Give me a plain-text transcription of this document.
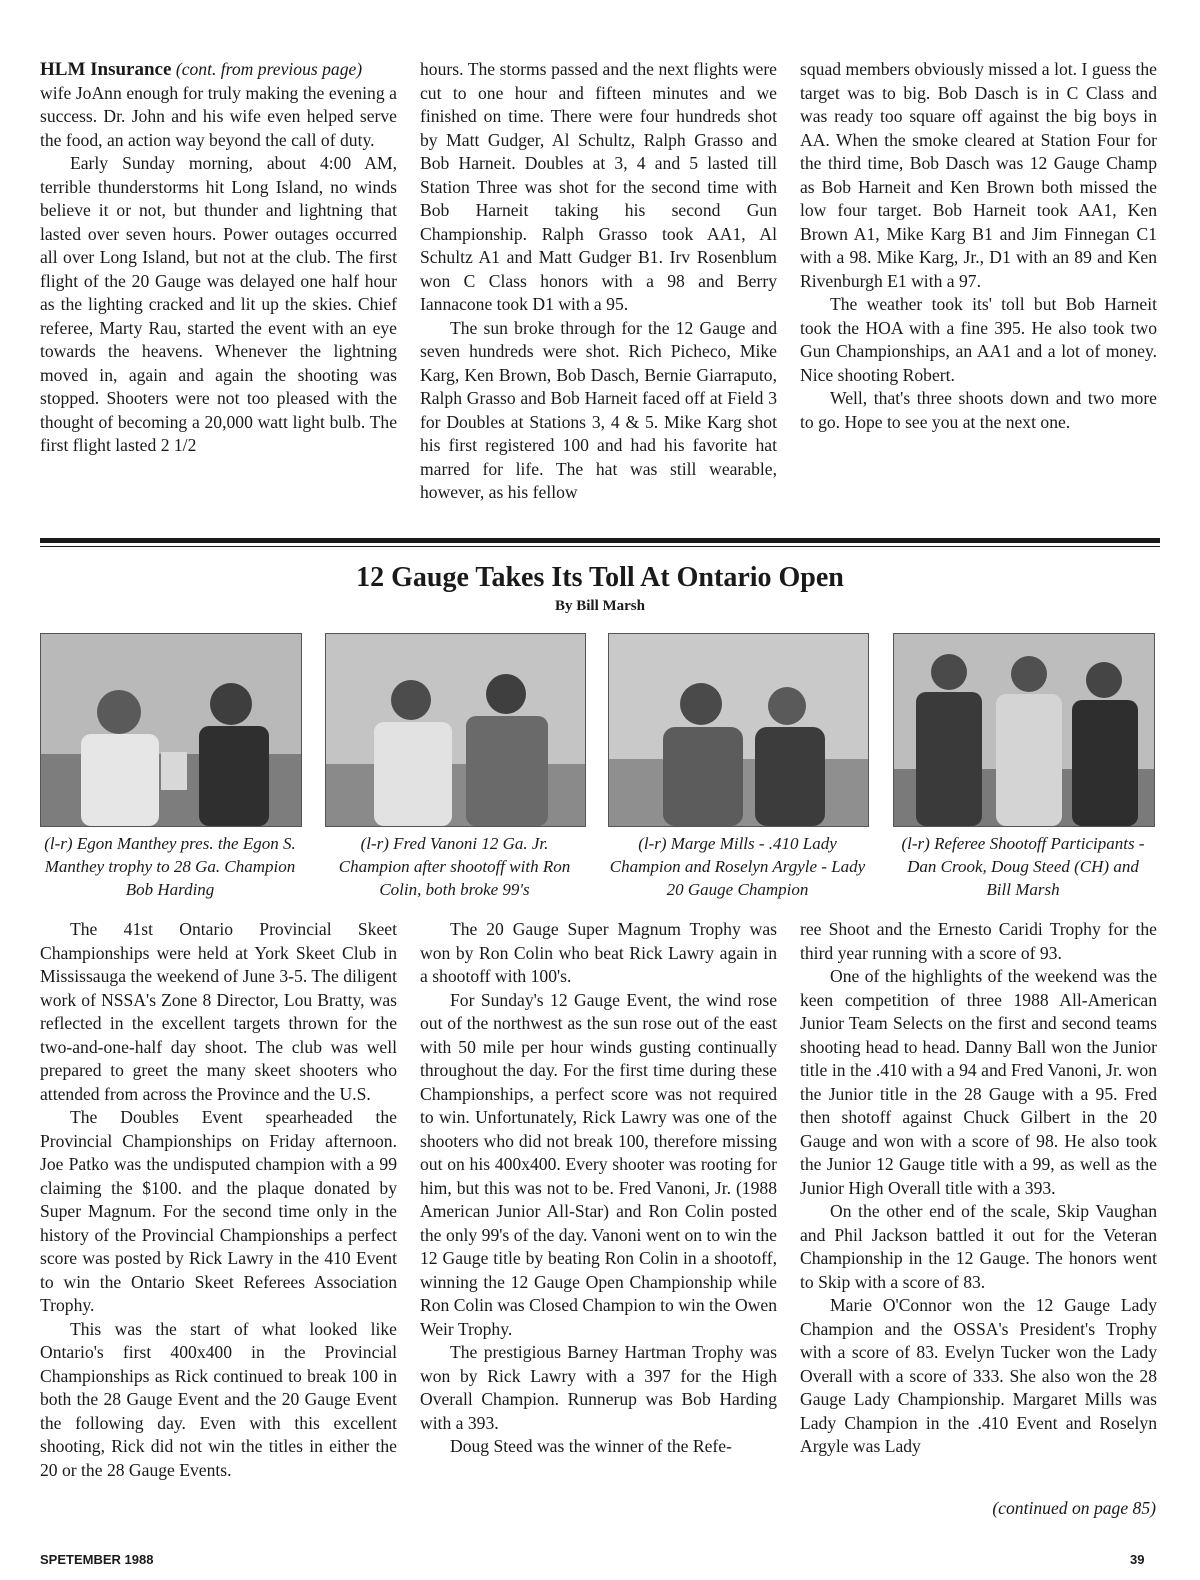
HLM Insurance (cont. from previous page)

wife JoAnn enough for truly making the evening a success. Dr. John and his wife even helped serve the food, an action way beyond the call of duty.

Early Sunday morning, about 4:00 AM, terrible thunderstorms hit Long Island, no winds believe it or not, but thunder and lightning that lasted over seven hours. Power outages occurred all over Long Island, but not at the club. The first flight of the 20 Gauge was delayed one half hour as the lighting cracked and lit up the skies. Chief referee, Marty Rau, started the event with an eye towards the heavens. Whenever the lightning moved in, again and again the shooting was stopped. Shooters were not too pleased with the thought of becoming a 20,000 watt light bulb. The first flight lasted 2 1/2

hours. The storms passed and the next flights were cut to one hour and fifteen minutes and we finished on time. There were four hundreds shot by Matt Gudger, Al Schultz, Ralph Grasso and Bob Harneit. Doubles at 3, 4 and 5 lasted till Station Three was shot for the second time with Bob Harneit taking his second Gun Championship. Ralph Grasso took AA1, Al Schultz A1 and Matt Gudger B1. Irv Rosenblum won C Class honors with a 98 and Berry Iannacone took D1 with a 95.

The sun broke through for the 12 Gauge and seven hundreds were shot. Rich Picheco, Mike Karg, Ken Brown, Bob Dasch, Bernie Giarraputo, Ralph Grasso and Bob Harneit faced off at Field 3 for Doubles at Stations 3, 4 & 5. Mike Karg shot his first registered 100 and had his favorite hat marred for life. The hat was still wearable, however, as his fellow

squad members obviously missed a lot. I guess the target was to big. Bob Dasch is in C Class and was ready too square off against the big boys in AA. When the smoke cleared at Station Four for the third time, Bob Dasch was 12 Gauge Champ as Bob Harneit and Ken Brown both missed the low four target. Bob Harneit took AA1, Ken Brown A1, Mike Karg B1 and Jim Finnegan C1 with a 98. Mike Karg, Jr., D1 with an 89 and Ken Rivenburgh E1 with a 97.

The weather took its' toll but Bob Harneit took the HOA with a fine 395. He also took two Gun Championships, an AA1 and a lot of money. Nice shooting Robert.

Well, that's three shoots down and two more to go. Hope to see you at the next one.

12 Gauge Takes Its Toll At Ontario Open
By Bill Marsh
(l-r) Egon Manthey pres. the Egon S. Manthey trophy to 28 Ga. Champion Bob Harding
(l-r) Fred Vanoni 12 Ga. Jr. Champion after shootoff with Ron Colin, both broke 99's
(l-r) Marge Mills - .410 Lady Champion and Roselyn Argyle - Lady 20 Gauge Champion
(l-r) Referee Shootoff Participants - Dan Crook, Doug Steed (CH) and Bill Marsh

The 41st Ontario Provincial Skeet Championships were held at York Skeet Club in Mississauga the weekend of June 3-5. The diligent work of NSSA's Zone 8 Director, Lou Bratty, was reflected in the excellent targets thrown for the two-and-one-half day shoot. The club was well prepared to greet the many skeet shooters who attended from across the Province and the U.S.

The Doubles Event spearheaded the Provincial Championships on Friday afternoon. Joe Patko was the undisputed champion with a 99 claiming the $100. and the plaque donated by Super Magnum. For the second time only in the history of the Provincial Championships a perfect score was posted by Rick Lawry in the 410 Event to win the Ontario Skeet Referees Association Trophy.

This was the start of what looked like Ontario's first 400x400 in the Provincial Championships as Rick continued to break 100 in both the 28 Gauge Event and the 20 Gauge Event the following day. Even with this excellent shooting, Rick did not win the titles in either the 20 or the 28 Gauge Events.

The 20 Gauge Super Magnum Trophy was won by Ron Colin who beat Rick Lawry again in a shootoff with 100's.

For Sunday's 12 Gauge Event, the wind rose out of the northwest as the sun rose out of the east with 50 mile per hour winds gusting continually throughout the day. For the first time during these Championships, a perfect score was not required to win. Unfortunately, Rick Lawry was one of the shooters who did not break 100, therefore missing out on his 400x400. Every shooter was rooting for him, but this was not to be. Fred Vanoni, Jr. (1988 American Junior All-Star) and Ron Colin posted the only 99's of the day. Vanoni went on to win the 12 Gauge title by beating Ron Colin in a shootoff, winning the 12 Gauge Open Championship while Ron Colin was Closed Champion to win the Owen Weir Trophy.

The prestigious Barney Hartman Trophy was won by Rick Lawry with a 397 for the High Overall Champion. Runnerup was Bob Harding with a 393.

Doug Steed was the winner of the Refe-

ree Shoot and the Ernesto Caridi Trophy for the third year running with a score of 93.

One of the highlights of the weekend was the keen competition of three 1988 All-American Junior Team Selects on the first and second teams shooting head to head. Danny Ball won the Junior title in the .410 with a 94 and Fred Vanoni, Jr. won the Junior title in the 28 Gauge with a 95. Fred then shotoff against Chuck Gilbert in the 20 Gauge and won with a score of 98. He also took the Junior 12 Gauge title with a 99, as well as the Junior High Overall title with a 393.

On the other end of the scale, Skip Vaughan and Phil Jackson battled it out for the Veteran Championship in the 12 Gauge. The honors went to Skip with a score of 83.

Marie O'Connor won the 12 Gauge Lady Champion and the OSSA's President's Trophy with a score of 83. Evelyn Tucker won the Lady Overall with a score of 333. She also won the 28 Gauge Lady Championship. Margaret Mills was Lady Champion in the .410 Event and Roselyn Argyle was Lady

(continued on page 85)
SPETEMBER 1988	39
